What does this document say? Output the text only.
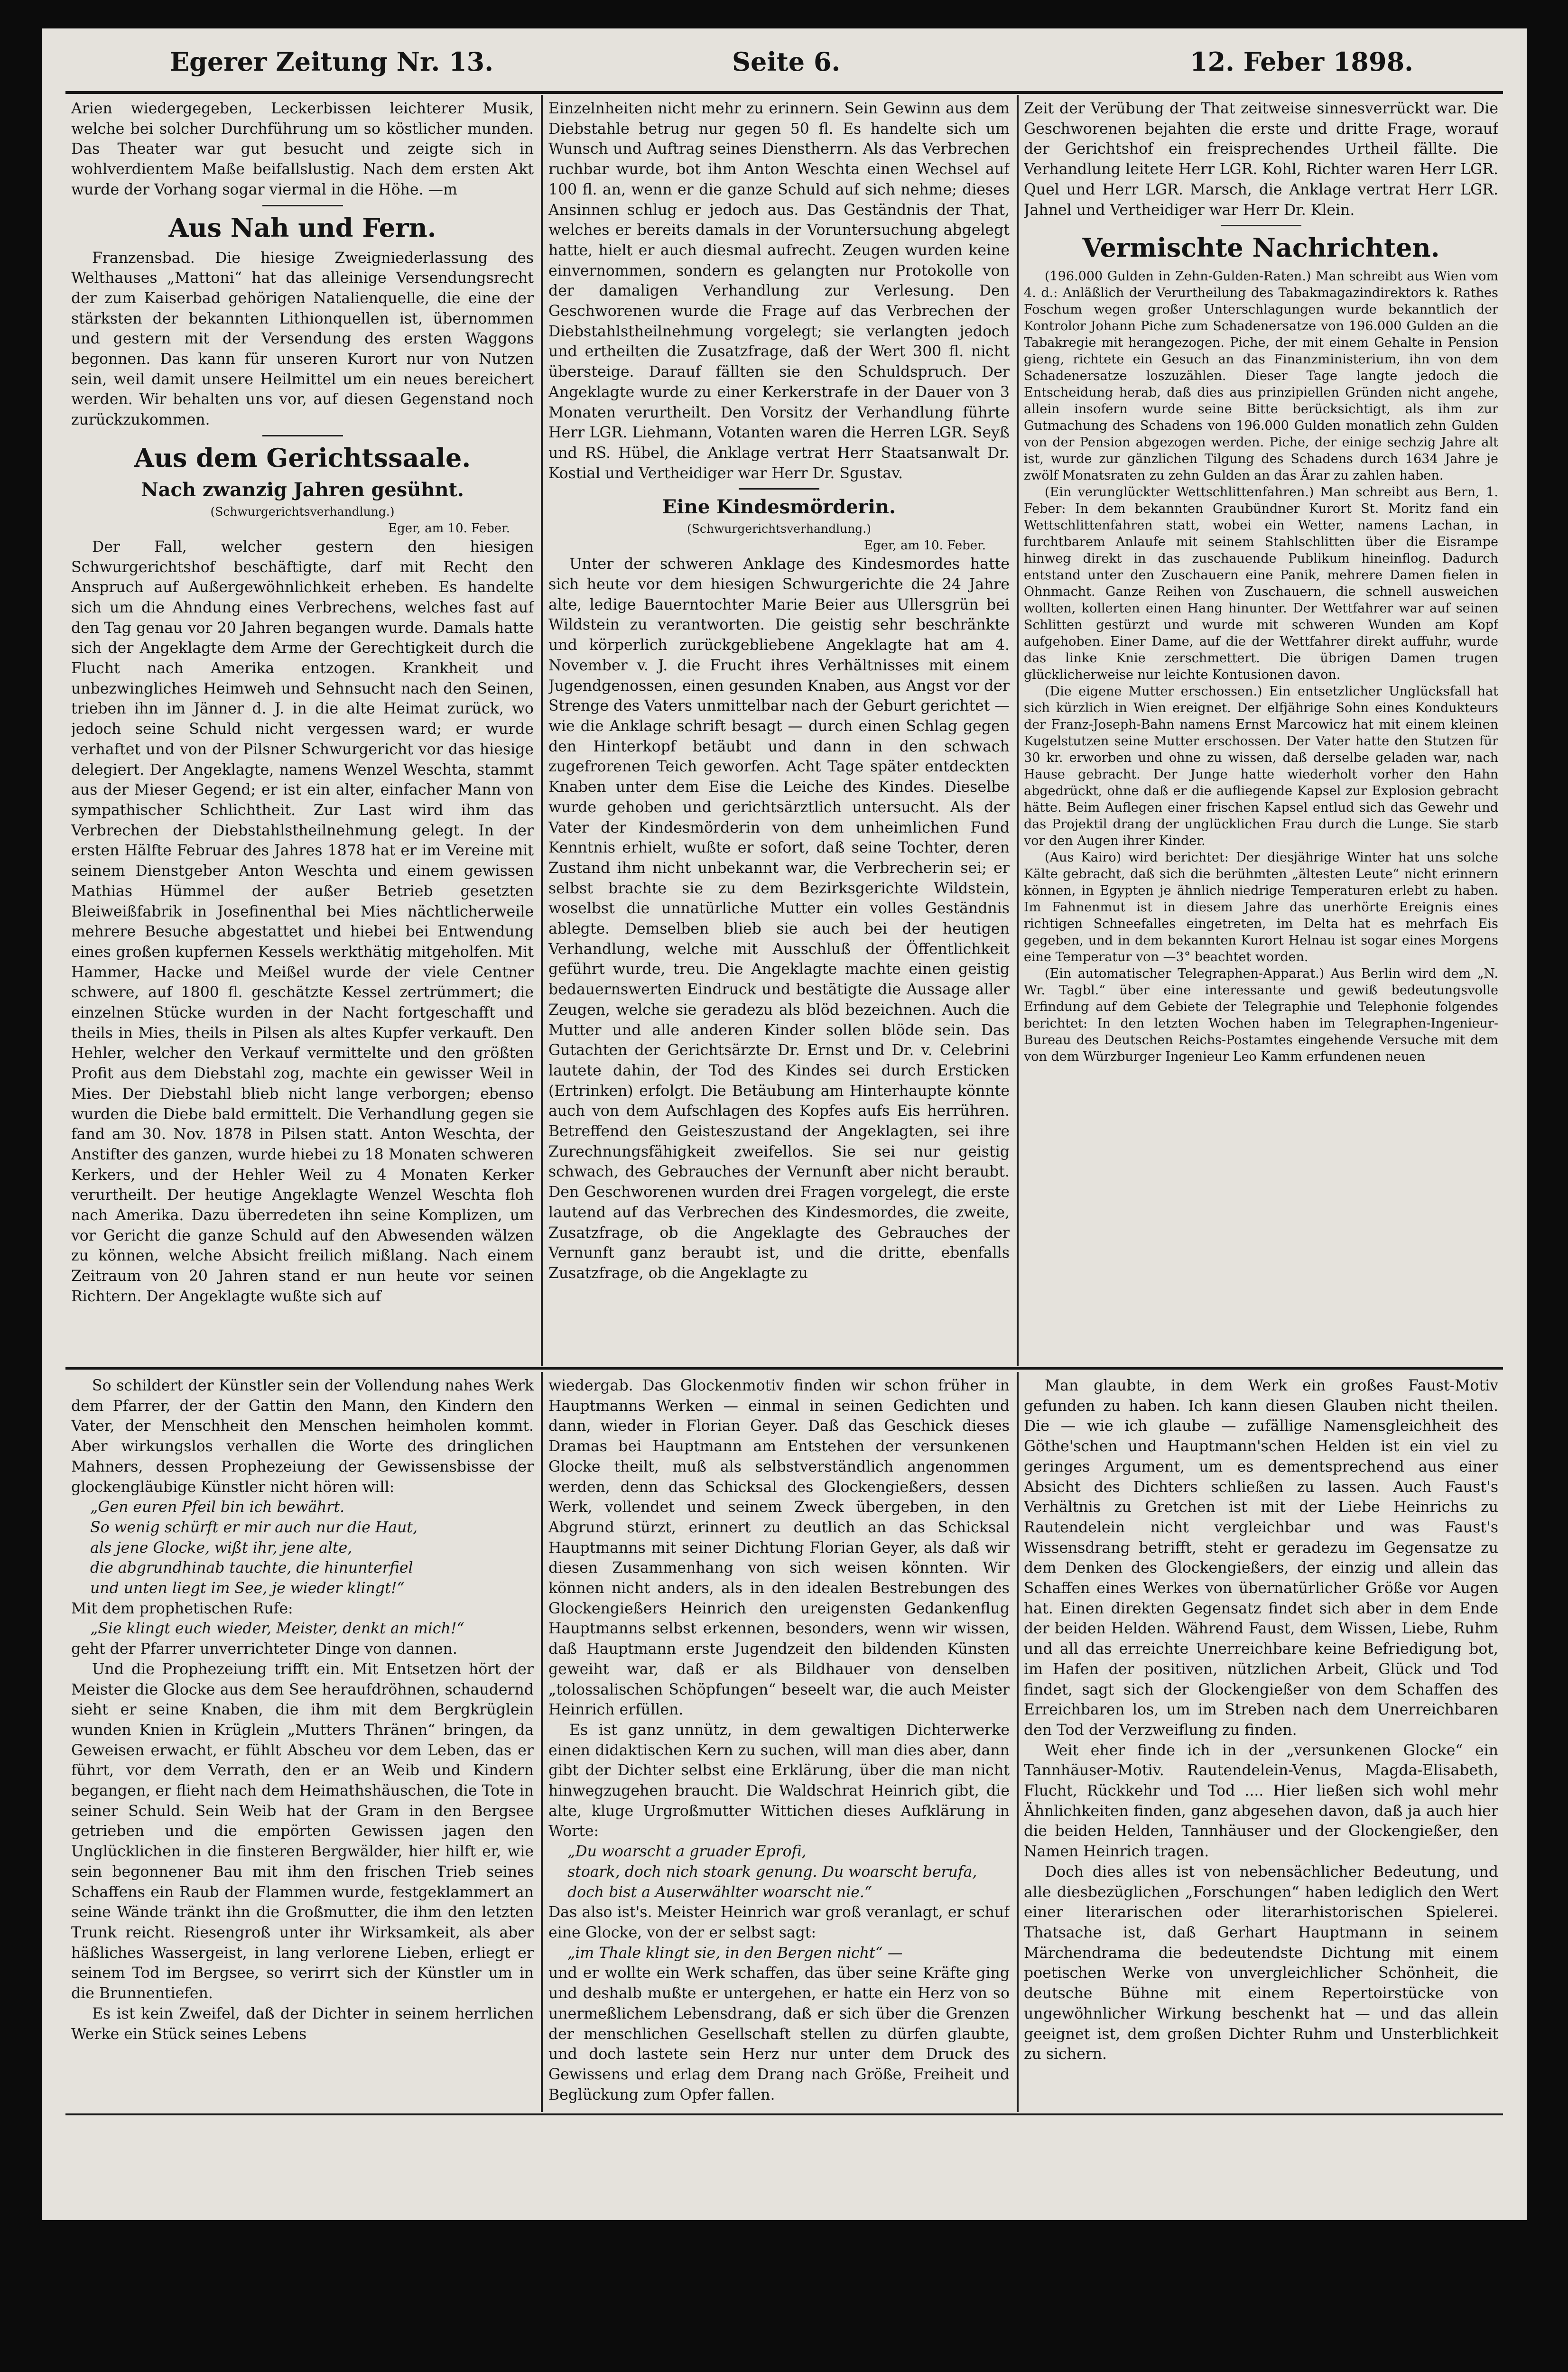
Egerer Zeitung Nr. 13.	Seite 6.	12. Feber 1898.

Arien wiedergegeben, Leckerbissen leichterer Musik, welche bei solcher Durchführung um so köstlicher munden. Das Theater war gut besucht und zeigte sich in wohlverdientem Maße beifallslustig. Nach dem ersten Akt wurde der Vorhang sogar viermal in die Höhe. —m

Aus Nah und Fern.

Franzensbad. Die hiesige Zweigniederlassung des Welthauses „Mattoni“ hat das alleinige Versendungsrecht der zum Kaiserbad gehörigen Natalienquelle, die eine der stärksten der bekannten Lithionquellen ist, übernommen und gestern mit der Versendung des ersten Waggons begonnen. Das kann für unseren Kurort nur von Nutzen sein, weil damit unsere Heilmittel um ein neues bereichert werden. Wir behalten uns vor, auf diesen Gegenstand noch zurückzukommen.

Aus dem Gerichtssaale.
Nach zwanzig Jahren gesühnt.

(Schwurgerichtsverhandlung.)

Eger, am 10. Feber.

Der Fall, welcher gestern den hiesigen Schwurgerichtshof beschäftigte, darf mit Recht den Anspruch auf Außergewöhnlichkeit erheben. Es handelte sich um die Ahndung eines Verbrechens, welches fast auf den Tag genau vor 20 Jahren begangen wurde. Damals hatte sich der Angeklagte dem Arme der Gerechtigkeit durch die Flucht nach Amerika entzogen. Krankheit und unbezwingliches Heimweh und Sehnsucht nach den Seinen, trieben ihn im Jänner d. J. in die alte Heimat zurück, wo jedoch seine Schuld nicht vergessen ward; er wurde verhaftet und von der Pilsner Schwurgericht vor das hiesige delegiert. Der Angeklagte, namens Wenzel Weschta, stammt aus der Mieser Gegend; er ist ein alter, einfacher Mann von sympathischer Schlichtheit. Zur Last wird ihm das Verbrechen der Diebstahlstheilnehmung gelegt. In der ersten Hälfte Februar des Jahres 1878 hat er im Vereine mit seinem Dienstgeber Anton Weschta und einem gewissen Mathias Hümmel der außer Betrieb gesetzten Bleiweißfabrik in Josefinenthal bei Mies nächtlicherweile mehrere Besuche abgestattet und hiebei bei Entwendung eines großen kupfernen Kessels werkthätig mitgeholfen. Mit Hammer, Hacke und Meißel wurde der viele Centner schwere, auf 1800 fl. geschätzte Kessel zertrümmert; die einzelnen Stücke wurden in der Nacht fortgeschafft und theils in Mies, theils in Pilsen als altes Kupfer verkauft. Den Hehler, welcher den Verkauf vermittelte und den größten Profit aus dem Diebstahl zog, machte ein gewisser Weil in Mies. Der Diebstahl blieb nicht lange verborgen; ebenso wurden die Diebe bald ermittelt. Die Verhandlung gegen sie fand am 30. Nov. 1878 in Pilsen statt. Anton Weschta, der Anstifter des ganzen, wurde hiebei zu 18 Monaten schweren Kerkers, und der Hehler Weil zu 4 Monaten Kerker verurtheilt. Der heutige Angeklagte Wenzel Weschta floh nach Amerika. Dazu überredeten ihn seine Komplizen, um vor Gericht die ganze Schuld auf den Abwesenden wälzen zu können, welche Absicht freilich mißlang. Nach einem Zeitraum von 20 Jahren stand er nun heute vor seinen Richtern. Der Angeklagte wußte sich auf

Einzelnheiten nicht mehr zu erinnern. Sein Gewinn aus dem Diebstahle betrug nur gegen 50 fl. Es handelte sich um Wunsch und Auftrag seines Dienstherrn. Als das Verbrechen ruchbar wurde, bot ihm Anton Weschta einen Wechsel auf 100 fl. an, wenn er die ganze Schuld auf sich nehme; dieses Ansinnen schlug er jedoch aus. Das Geständnis der That, welches er bereits damals in der Voruntersuchung abgelegt hatte, hielt er auch diesmal aufrecht. Zeugen wurden keine einvernommen, sondern es gelangten nur Protokolle von der damaligen Verhandlung zur Verlesung. Den Geschworenen wurde die Frage auf das Verbrechen der Diebstahlstheilnehmung vorgelegt; sie verlangten jedoch und ertheilten die Zusatzfrage, daß der Wert 300 fl. nicht übersteige. Darauf fällten sie den Schuldspruch. Der Angeklagte wurde zu einer Kerkerstrafe in der Dauer von 3 Monaten verurtheilt. Den Vorsitz der Verhandlung führte Herr LGR. Liehmann, Votanten waren die Herren LGR. Seyß und RS. Hübel, die Anklage vertrat Herr Staatsanwalt Dr. Kostial und Vertheidiger war Herr Dr. Sgustav.

Eine Kindesmörderin.

(Schwurgerichtsverhandlung.)

Eger, am 10. Feber.

Unter der schweren Anklage des Kindesmordes hatte sich heute vor dem hiesigen Schwurgerichte die 24 Jahre alte, ledige Bauerntochter Marie Beier aus Ullersgrün bei Wildstein zu verantworten. Die geistig sehr beschränkte und körperlich zurückgebliebene Angeklagte hat am 4. November v. J. die Frucht ihres Verhältnisses mit einem Jugendgenossen, einen gesunden Knaben, aus Angst vor der Strenge des Vaters unmittelbar nach der Geburt gerichtet — wie die Anklage schrift besagt — durch einen Schlag gegen den Hinterkopf betäubt und dann in den schwach zugefrorenen Teich geworfen. Acht Tage später entdeckten Knaben unter dem Eise die Leiche des Kindes. Dieselbe wurde gehoben und gerichtsärztlich untersucht. Als der Vater der Kindesmörderin von dem unheimlichen Fund Kenntnis erhielt, wußte er sofort, daß seine Tochter, deren Zustand ihm nicht unbekannt war, die Verbrecherin sei; er selbst brachte sie zu dem Bezirksgerichte Wildstein, woselbst die unnatürliche Mutter ein volles Geständnis ablegte. Demselben blieb sie auch bei der heutigen Verhandlung, welche mit Ausschluß der Öffentlichkeit geführt wurde, treu. Die Angeklagte machte einen geistig bedauernswerten Eindruck und bestätigte die Aussage aller Zeugen, welche sie geradezu als blöd bezeichnen. Auch die Mutter und alle anderen Kinder sollen blöde sein. Das Gutachten der Gerichtsärzte Dr. Ernst und Dr. v. Celebrini lautete dahin, der Tod des Kindes sei durch Ersticken (Ertrinken) erfolgt. Die Betäubung am Hinterhaupte könnte auch von dem Aufschlagen des Kopfes aufs Eis herrühren. Betreffend den Geisteszustand der Angeklagten, sei ihre Zurechnungsfähigkeit zweifellos. Sie sei nur geistig schwach, des Gebrauches der Vernunft aber nicht beraubt. Den Geschworenen wurden drei Fragen vorgelegt, die erste lautend auf das Verbrechen des Kindesmordes, die zweite, Zusatzfrage, ob die Angeklagte des Gebrauches der Vernunft ganz beraubt ist, und die dritte, ebenfalls Zusatzfrage, ob die Angeklagte zu

Zeit der Verübung der That zeitweise sinnesverrückt war. Die Geschworenen bejahten die erste und dritte Frage, worauf der Gerichtshof ein freisprechendes Urtheil fällte. Die Verhandlung leitete Herr LGR. Kohl, Richter waren Herr LGR. Quel und Herr LGR. Marsch, die Anklage vertrat Herr LGR. Jahnel und Vertheidiger war Herr Dr. Klein.

Vermischte Nachrichten.

(196.000 Gulden in Zehn-Gulden-Raten.) Man schreibt aus Wien vom 4. d.: Anläßlich der Verurtheilung des Tabakmagazindirektors k. Rathes Foschum wegen großer Unterschlagungen wurde bekanntlich der Kontrolor Johann Piche zum Schadenersatze von 196.000 Gulden an die Tabakregie mit herangezogen. Piche, der mit einem Gehalte in Pension gieng, richtete ein Gesuch an das Finanzministerium, ihn von dem Schadenersatze loszuzählen. Dieser Tage langte jedoch die Entscheidung herab, daß dies aus prinzipiellen Gründen nicht angehe, allein insofern wurde seine Bitte berücksichtigt, als ihm zur Gutmachung des Schadens von 196.000 Gulden monatlich zehn Gulden von der Pension abgezogen werden. Piche, der einige sechzig Jahre alt ist, wurde zur gänzlichen Tilgung des Schadens durch 1634 Jahre je zwölf Monatsraten zu zehn Gulden an das Ärar zu zahlen haben.

(Ein verunglückter Wettschlittenfahren.) Man schreibt aus Bern, 1. Feber: In dem bekannten Graubündner Kurort St. Moritz fand ein Wettschlittenfahren statt, wobei ein Wetter, namens Lachan, in furchtbarem Anlaufe mit seinem Stahlschlitten über die Eisrampe hinweg direkt in das zuschauende Publikum hineinflog. Dadurch entstand unter den Zuschauern eine Panik, mehrere Damen fielen in Ohnmacht. Ganze Reihen von Zuschauern, die schnell ausweichen wollten, kollerten einen Hang hinunter. Der Wettfahrer war auf seinen Schlitten gestürzt und wurde mit schweren Wunden am Kopf aufgehoben. Einer Dame, auf die der Wettfahrer direkt auffuhr, wurde das linke Knie zerschmettert. Die übrigen Damen trugen glücklicherweise nur leichte Kontusionen davon.

(Die eigene Mutter erschossen.) Ein entsetzlicher Unglücksfall hat sich kürzlich in Wien ereignet. Der elfjährige Sohn eines Kondukteurs der Franz-Joseph-Bahn namens Ernst Marcowicz hat mit einem kleinen Kugelstutzen seine Mutter erschossen. Der Vater hatte den Stutzen für 30 kr. erworben und ohne zu wissen, daß derselbe geladen war, nach Hause gebracht. Der Junge hatte wiederholt vorher den Hahn abgedrückt, ohne daß er die aufliegende Kapsel zur Explosion gebracht hätte. Beim Auflegen einer frischen Kapsel entlud sich das Gewehr und das Projektil drang der unglücklichen Frau durch die Lunge. Sie starb vor den Augen ihrer Kinder.

(Aus Kairo) wird berichtet: Der diesjährige Winter hat uns solche Kälte gebracht, daß sich die berühmten „ältesten Leute“ nicht erinnern können, in Egypten je ähnlich niedrige Temperaturen erlebt zu haben. Im Fahnenmut ist in diesem Jahre das unerhörte Ereignis eines richtigen Schneefalles eingetreten, im Delta hat es mehrfach Eis gegeben, und in dem bekannten Kurort Helnau ist sogar eines Morgens eine Temperatur von —3° beachtet worden.

(Ein automatischer Telegraphen-Apparat.) Aus Berlin wird dem „N. Wr. Tagbl.“ über eine interessante und gewiß bedeutungsvolle Erfindung auf dem Gebiete der Telegraphie und Telephonie folgendes berichtet: In den letzten Wochen haben im Telegraphen-Ingenieur-Bureau des Deutschen Reichs-Postamtes eingehende Versuche mit dem von dem Würzburger Ingenieur Leo Kamm erfundenen neuen

So schildert der Künstler sein der Vollendung nahes Werk dem Pfarrer, der der Gattin den Mann, den Kindern den Vater, der Menschheit den Menschen heimholen kommt. Aber wirkungslos verhallen die Worte des dringlichen Mahners, dessen Prophezeiung der Gewissensbisse der glockengläubige Künstler nicht hören will:

„Gen euren Pfeil bin ich bewährt.

So wenig schürft er mir auch nur die Haut,

als jene Glocke, wißt ihr, jene alte,

die abgrundhinab tauchte, die hinunterfiel

und unten liegt im See, je wieder klingt!“

Mit dem prophetischen Rufe:

„Sie klingt euch wieder, Meister, denkt an mich!“

geht der Pfarrer unverrichteter Dinge von dannen.

Und die Prophezeiung trifft ein. Mit Entsetzen hört der Meister die Glocke aus dem See heraufdröhnen, schaudernd sieht er seine Knaben, die ihm mit dem Bergkrüglein wunden Knien in Krüglein „Mutters Thränen“ bringen, da Geweisen erwacht, er fühlt Abscheu vor dem Leben, das er führt, vor dem Verrath, den er an Weib und Kindern begangen, er flieht nach dem Heimathshäuschen, die Tote in seiner Schuld. Sein Weib hat der Gram in den Bergsee getrieben und die empörten Gewissen jagen den Unglücklichen in die finsteren Bergwälder, hier hilft er, wie sein begonnener Bau mit ihm den frischen Trieb seines Schaffens ein Raub der Flammen wurde, festgeklammert an seine Wände tränkt ihn die Großmutter, die ihm den letzten Trunk reicht. Riesengroß unter ihr Wirksamkeit, als aber häßliches Wassergeist, in lang verlorene Lieben, erliegt er seinem Tod im Bergsee, so verirrt sich der Künstler um in die Brunnentiefen.

Es ist kein Zweifel, daß der Dichter in seinem herrlichen Werke ein Stück seines Lebens

wiedergab. Das Glockenmotiv finden wir schon früher in Hauptmanns Werken — einmal in seinen Gedichten und dann, wieder in Florian Geyer. Daß das Geschick dieses Dramas bei Hauptmann am Entstehen der versunkenen Glocke theilt, muß als selbstverständlich angenommen werden, denn das Schicksal des Glockengießers, dessen Werk, vollendet und seinem Zweck übergeben, in den Abgrund stürzt, erinnert zu deutlich an das Schicksal Hauptmanns mit seiner Dichtung Florian Geyer, als daß wir diesen Zusammenhang von sich weisen könnten. Wir können nicht anders, als in den idealen Bestrebungen des Glockengießers Heinrich den ureigensten Gedankenflug Hauptmanns selbst erkennen, besonders, wenn wir wissen, daß Hauptmann erste Jugendzeit den bildenden Künsten geweiht war, daß er als Bildhauer von denselben „tolossalischen Schöpfungen“ beseelt war, die auch Meister Heinrich erfüllen.

Es ist ganz unnütz, in dem gewaltigen Dichterwerke einen didaktischen Kern zu suchen, will man dies aber, dann gibt der Dichter selbst eine Erklärung, über die man nicht hinwegzugehen braucht. Die Waldschrat Heinrich gibt, die alte, kluge Urgroßmutter Wittichen dieses Aufklärung in Worte:

„Du woarscht a gruader Eprofi,

stoark, doch nich stoark genung. Du woarscht berufa,

doch bist a Auserwählter woarscht nie.“

Das also ist's. Meister Heinrich war groß veranlagt, er schuf eine Glocke, von der er selbst sagt:

„im Thale klingt sie, in den Bergen nicht“ —

und er wollte ein Werk schaffen, das über seine Kräfte ging und deshalb mußte er untergehen, er hatte ein Herz von so unermeßlichem Lebensdrang, daß er sich über die Grenzen der menschlichen Gesellschaft stellen zu dürfen glaubte, und doch lastete sein Herz nur unter dem Druck des Gewissens und erlag dem Drang nach Größe, Freiheit und Beglückung zum Opfer fallen.

Man glaubte, in dem Werk ein großes Faust-Motiv gefunden zu haben. Ich kann diesen Glauben nicht theilen. Die — wie ich glaube — zufällige Namensgleichheit des Göthe'schen und Hauptmann'schen Helden ist ein viel zu geringes Argument, um es dementsprechend aus einer Absicht des Dichters schließen zu lassen. Auch Faust's Verhältnis zu Gretchen ist mit der Liebe Heinrichs zu Rautendelein nicht vergleichbar und was Faust's Wissensdrang betrifft, steht er geradezu im Gegensatze zu dem Denken des Glockengießers, der einzig und allein das Schaffen eines Werkes von übernatürlicher Größe vor Augen hat. Einen direkten Gegensatz findet sich aber in dem Ende der beiden Helden. Während Faust, dem Wissen, Liebe, Ruhm und all das erreichte Unerreichbare keine Befriedigung bot, im Hafen der positiven, nützlichen Arbeit, Glück und Tod findet, sagt sich der Glockengießer von dem Schaffen des Erreichbaren los, um im Streben nach dem Unerreichbaren den Tod der Verzweiflung zu finden.

Weit eher finde ich in der „versunkenen Glocke“ ein Tannhäuser-Motiv. Rautendelein-Venus, Magda-Elisabeth, Flucht, Rückkehr und Tod .... Hier ließen sich wohl mehr Ähnlichkeiten finden, ganz abgesehen davon, daß ja auch hier die beiden Helden, Tannhäuser und der Glockengießer, den Namen Heinrich tragen.

Doch dies alles ist von nebensächlicher Bedeutung, und alle diesbezüglichen „Forschungen“ haben lediglich den Wert einer literarischen oder literarhistorischen Spielerei. Thatsache ist, daß Gerhart Hauptmann in seinem Märchendrama die bedeutendste Dichtung mit einem poetischen Werke von unvergleichlicher Schönheit, die deutsche Bühne mit einem Repertoirstücke von ungewöhnlicher Wirkung beschenkt hat — und das allein geeignet ist, dem großen Dichter Ruhm und Unsterblichkeit zu sichern.
